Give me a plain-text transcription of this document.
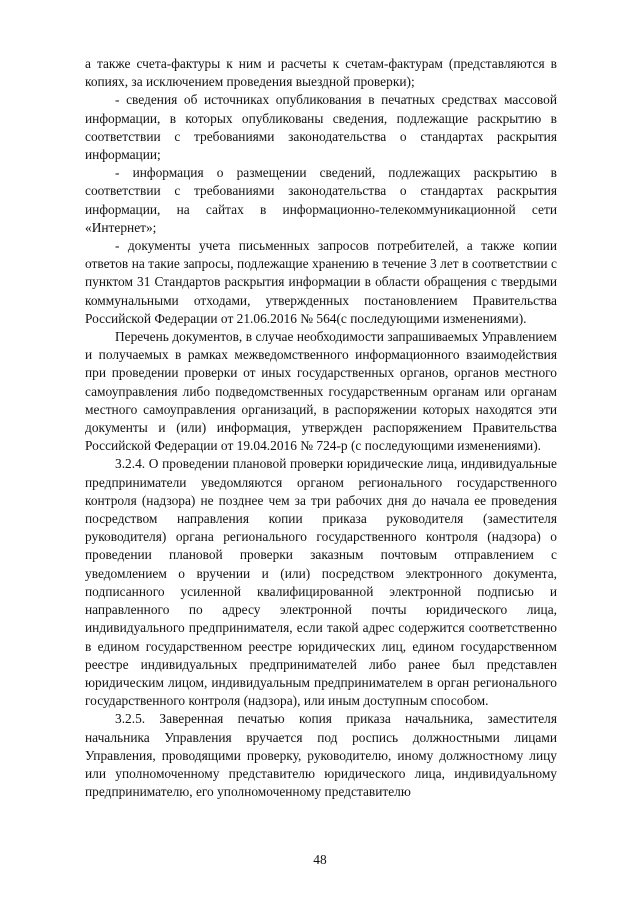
а также счета-фактуры к ним и расчеты к счетам-фактурам (представляются в копиях, за исключением проведения выездной проверки);

- сведения об источниках опубликования в печатных средствах массовой информации, в которых опубликованы сведения, подлежащие раскрытию в соответствии с требованиями законодательства о стандартах раскрытия информации;

- информация о размещении сведений, подлежащих раскрытию в соответствии с требованиями законодательства о стандартах раскрытия информации, на сайтах в информационно-телекоммуникационной сети «Интернет»;

- документы учета письменных запросов потребителей, а также копии ответов на такие запросы, подлежащие хранению в течение 3 лет в соответствии с пунктом 31 Стандартов раскрытия информации в области обращения с твердыми коммунальными отходами, утвержденных постановлением Правительства Российской Федерации от 21.06.2016 № 564(с последующими изменениями).

Перечень документов, в случае необходимости запрашиваемых Управлением и получаемых в рамках межведомственного информационного взаимодействия при проведении проверки от иных государственных органов, органов местного самоуправления либо подведомственных государственным органам или органам местного самоуправления организаций, в распоряжении которых находятся эти документы и (или) информация, утвержден распоряжением Правительства Российской Федерации от 19.04.2016 № 724-р (с последующими изменениями).

3.2.4. О проведении плановой проверки юридические лица, индивидуальные предприниматели уведомляются органом регионального государственного контроля (надзора) не позднее чем за три рабочих дня до начала ее проведения посредством направления копии приказа руководителя (заместителя руководителя) органа регионального государственного контроля (надзора) о проведении плановой проверки заказным почтовым отправлением с уведомлением о вручении и (или) посредством электронного документа, подписанного усиленной квалифицированной электронной подписью и направленного по адресу электронной почты юридического лица, индивидуального предпринимателя, если такой адрес содержится соответственно в едином государственном реестре юридических лиц, едином государственном реестре индивидуальных предпринимателей либо ранее был представлен юридическим лицом, индивидуальным предпринимателем в орган регионального государственного контроля (надзора), или иным доступным способом.

3.2.5. Заверенная печатью копия приказа начальника, заместителя начальника Управления вручается под роспись должностными лицами Управления, проводящими проверку, руководителю, иному должностному лицу или уполномоченному представителю юридического лица, индивидуальному предпринимателю, его уполномоченному представителю

48
